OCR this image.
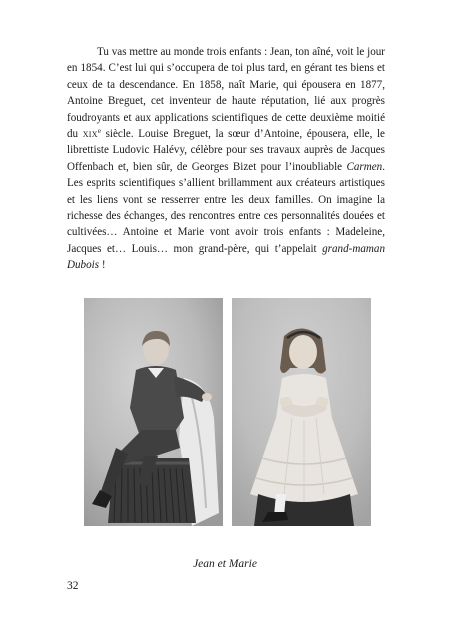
Tu vas mettre au monde trois enfants : Jean, ton aîné, voit le jour en 1854. C’est lui qui s’occupera de toi plus tard, en gérant tes biens et ceux de ta descendance. En 1858, naît Marie, qui épousera en 1877, Antoine Breguet, cet inventeur de haute réputation, lié aux progrès foudroyants et aux applications scientifiques de cette deuxième moitié du xix$^e$ siècle. Louise Breguet, la sœur d’Antoine, épousera, elle, le librettiste Ludovic Halévy, célèbre pour ses travaux auprès de Jacques Offenbach et, bien sûr, de Georges Bizet pour l’inoubliable Carmen. Les esprits scientifiques s’allient brillamment aux créateurs artistiques et les liens vont se resserrer entre les deux familles. On imagine la richesse des échanges, des rencontres entre ces personnalités douées et cultivées… Antoine et Marie vont avoir trois enfants : Madeleine, Jacques et… Louis… mon grand-père, qui t’appelait grand-maman Dubois !
Jean et Marie
32
